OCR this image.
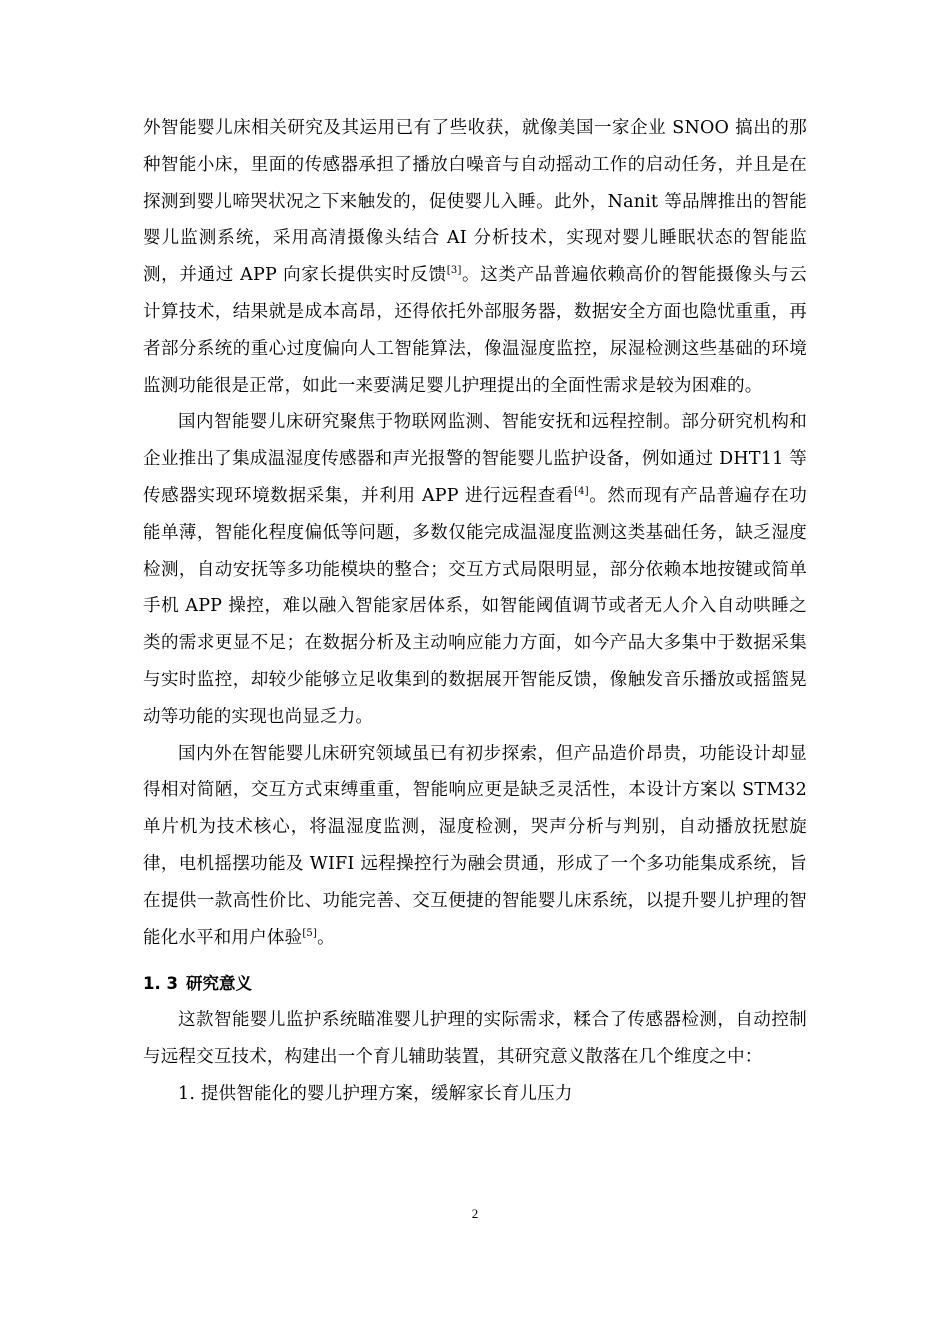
外智能婴儿床相关研究及其运用已有了些收获，就像美国一家企业 SNOO 搞出的那种智能小床，里面的传感器承担了播放白噪音与自动摇动工作的启动任务，并且是在探测到婴儿啼哭状况之下来触发的，促使婴儿入睡。此外，Nanit 等品牌推出的智能婴儿监测系统，采用高清摄像头结合 AI 分析技术，实现对婴儿睡眠状态的智能监测，并通过 APP 向家长提供实时反馈[3]。这类产品普遍依赖高价的智能摄像头与云计算技术，结果就是成本高昂，还得依托外部服务器，数据安全方面也隐忧重重，再者部分系统的重心过度偏向人工智能算法，像温湿度监控，尿湿检测这些基础的环境监测功能很是正常，如此一来要满足婴儿护理提出的全面性需求是较为困难的。

国内智能婴儿床研究聚焦于物联网监测、智能安抚和远程控制。部分研究机构和企业推出了集成温湿度传感器和声光报警的智能婴儿监护设备，例如通过 DHT11 等传感器实现环境数据采集，并利用 APP 进行远程查看[4]。然而现有产品普遍存在功能单薄，智能化程度偏低等问题，多数仅能完成温湿度监测这类基础任务，缺乏湿度检测，自动安抚等多功能模块的整合；交互方式局限明显，部分依赖本地按键或简单手机 APP 操控，难以融入智能家居体系，如智能阈值调节或者无人介入自动哄睡之类的需求更显不足；在数据分析及主动响应能力方面，如今产品大多集中于数据采集与实时监控，却较少能够立足收集到的数据展开智能反馈，像触发音乐播放或摇篮晃动等功能的实现也尚显乏力。

国内外在智能婴儿床研究领域虽已有初步探索，但产品造价昂贵，功能设计却显得相对简陋，交互方式束缚重重，智能响应更是缺乏灵活性，本设计方案以 STM32 单片机为技术核心，将温湿度监测，湿度检测，哭声分析与判别，自动播放抚慰旋律，电机摇摆功能及 WIFI 远程操控行为融会贯通，形成了一个多功能集成系统，旨在提供一款高性价比、功能完善、交互便捷的智能婴儿床系统，以提升婴儿护理的智能化水平和用户体验[5]。

1. 3 研究意义

这款智能婴儿监护系统瞄准婴儿护理的实际需求，糅合了传感器检测，自动控制与远程交互技术，构建出一个育儿辅助装置，其研究意义散落在几个维度之中：

1. 提供智能化的婴儿护理方案，缓解家长育儿压力

2
